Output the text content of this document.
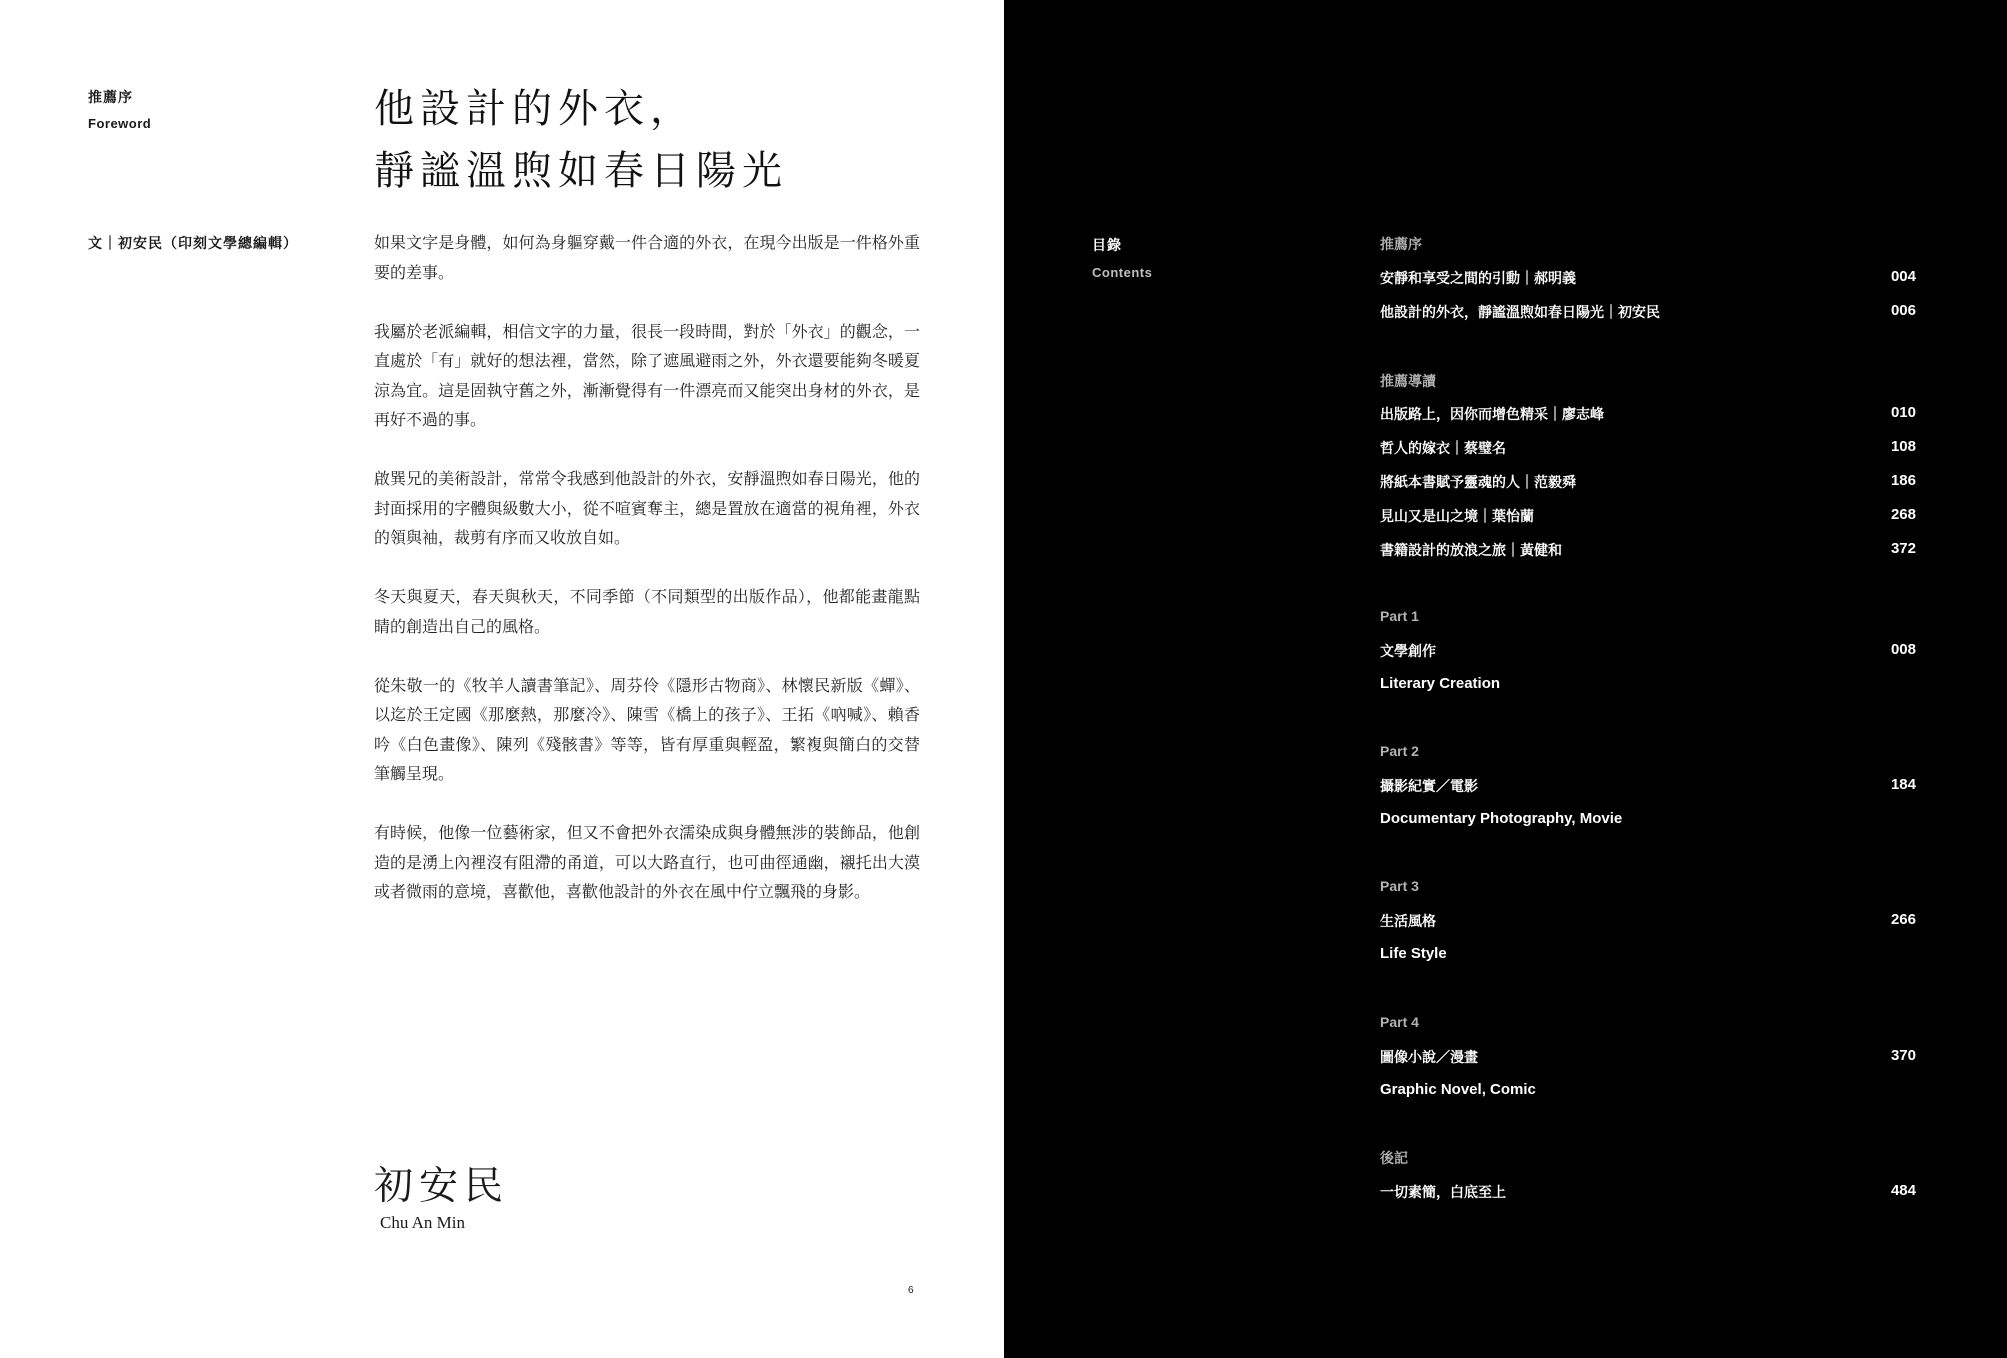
推薦序
Foreword	他設計的外衣，
靜謐溫煦如春日陽光
文｜初安民（印刻文學總編輯）	如果文字是身體，如何為身軀穿戴一件合適的外衣，在現今出版是一件格外重要的差事。

我屬於老派編輯，相信文字的力量，很長一段時間，對於「外衣」的觀念，一直處於「有」就好的想法裡，當然，除了遮風避雨之外，外衣還要能夠冬暖夏涼為宜。這是固執守舊之外，漸漸覺得有一件漂亮而又能突出身材的外衣，是再好不過的事。

啟巽兄的美術設計，常常令我感到他設計的外衣，安靜溫煦如春日陽光，他的封面採用的字體與級數大小，從不喧賓奪主，總是置放在適當的視角裡，外衣的領與袖，裁剪有序而又收放自如。

冬天與夏天，春天與秋天，不同季節（不同類型的出版作品），他都能畫龍點睛的創造出自己的風格。

從朱敬一的《牧羊人讀書筆記》、周芬伶《隱形古物商》、林懷民新版《蟬》、以迄於王定國《那麼熱，那麼冷》、陳雪《橋上的孩子》、王拓《吶喊》、賴香吟《白色畫像》、陳列《殘骸書》等等，皆有厚重與輕盈，繁複與簡白的交替筆觸呈現。

有時候，他像一位藝術家，但又不會把外衣濡染成與身體無涉的裝飾品，他創造的是湧上內裡沒有阻滯的甬道，可以大路直行，也可曲徑通幽，襯托出大漠或者微雨的意境，喜歡他，喜歡他設計的外衣在風中佇立飄飛的身影。

初安民
Chu An Min
6
目錄
Contents
推薦序
安靜和享受之間的引動｜郝明義	004
他設計的外衣，靜謐溫煦如春日陽光｜初安民	006
推薦導讀
出版路上，因你而增色精采｜廖志峰	010
哲人的嫁衣｜蔡璧名	108
將紙本書賦予靈魂的人｜范毅舜	186
見山又是山之境｜葉怡蘭	268
書籍設計的放浪之旅｜黃健和	372
Part 1
文學創作	008
Literary Creation
Part 2
攝影紀實／電影	184
Documentary Photography, Movie
Part 3
生活風格	266
Life Style
Part 4
圖像小說／漫畫	370
Graphic Novel, Comic
後記
一切素簡，白底至上	484
